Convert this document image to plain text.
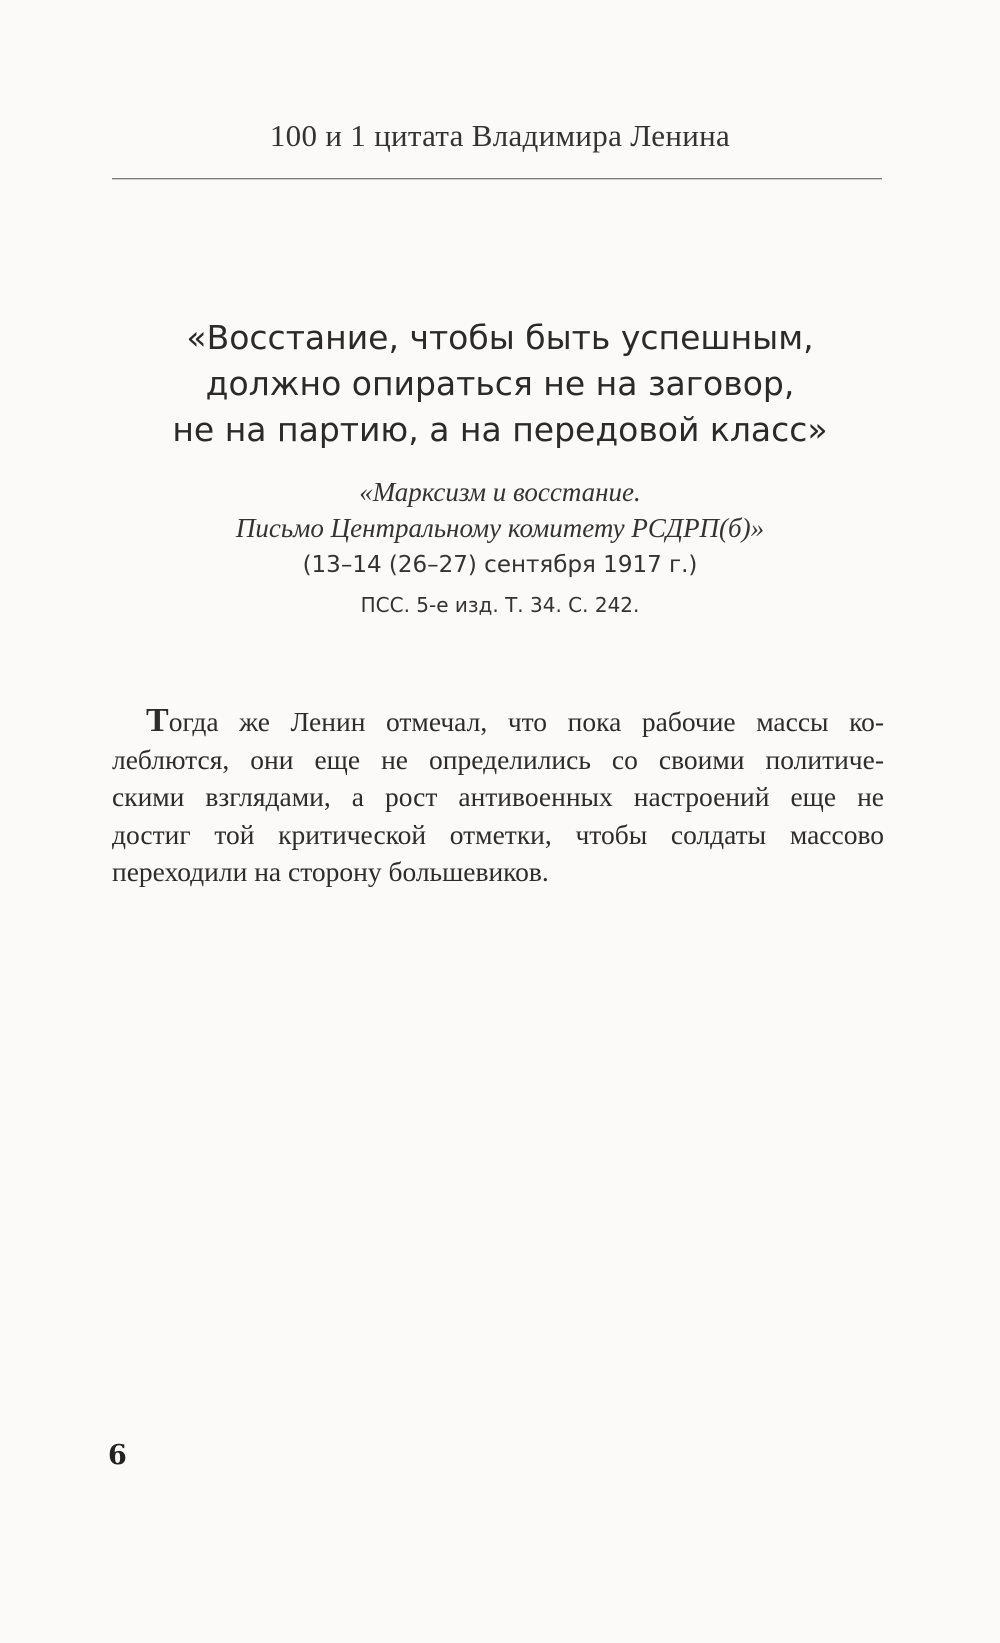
100 и 1 цитата Владимира Ленина
«Восстание, чтобы быть успешным,
должно опираться не на заговор,
не на партию, а на передовой класс»
«Марксизм и восстание.
Письмо Центральному комитету РСДРП(б)»
(13–14 (26–27) сентября 1917 г.)
ПСС. 5-е изд. Т. 34. С. 242.
Тогда же Ленин отмечал, что пока рабочие массы ко-
леблются, они еще не определились со своими политиче-
скими взглядами, а рост антивоенных настроений еще не
достиг той критической отметки, чтобы солдаты массово
переходили на сторону большевиков.
6
